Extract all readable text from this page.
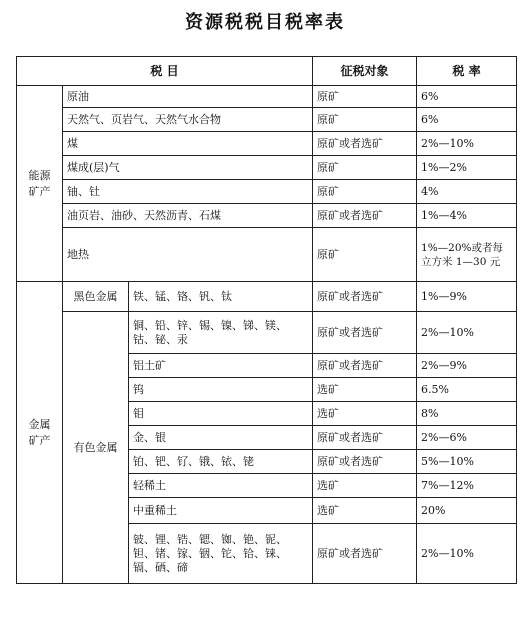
资源税税目税率表
税 目			征税对象	税 率
能源
矿产	原油		原矿	6%
	天然气、页岩气、天然气水合物		原矿	6%
	煤		原矿或者选矿	2%—10%
	煤成(层)气		原矿	1%—2%
	铀、钍		原矿	4%
	油页岩、油砂、天然沥青、石煤		原矿或者选矿	1%—4%
	地热		原矿	1%—20%或者每立方米 1—30 元
金属
矿产	黑色金属	铁、锰、铬、钒、钛	原矿或者选矿	1%—9%
	有色金属	铜、铅、锌、锡、镍、锑、镁、钴、铋、汞	原矿或者选矿	2%—10%
		铝土矿	原矿或者选矿	2%—9%
		钨	选矿	6.5%
		钼	选矿	8%
		金、银	原矿或者选矿	2%—6%
		铂、钯、钌、锇、铱、铑	原矿或者选矿	5%—10%
		轻稀土	选矿	7%—12%
		中重稀土	选矿	20%
		铍、锂、锆、锶、铷、铯、铌、钽、锗、镓、铟、铊、铪、铼、镉、硒、碲	原矿或者选矿	2%—10%
